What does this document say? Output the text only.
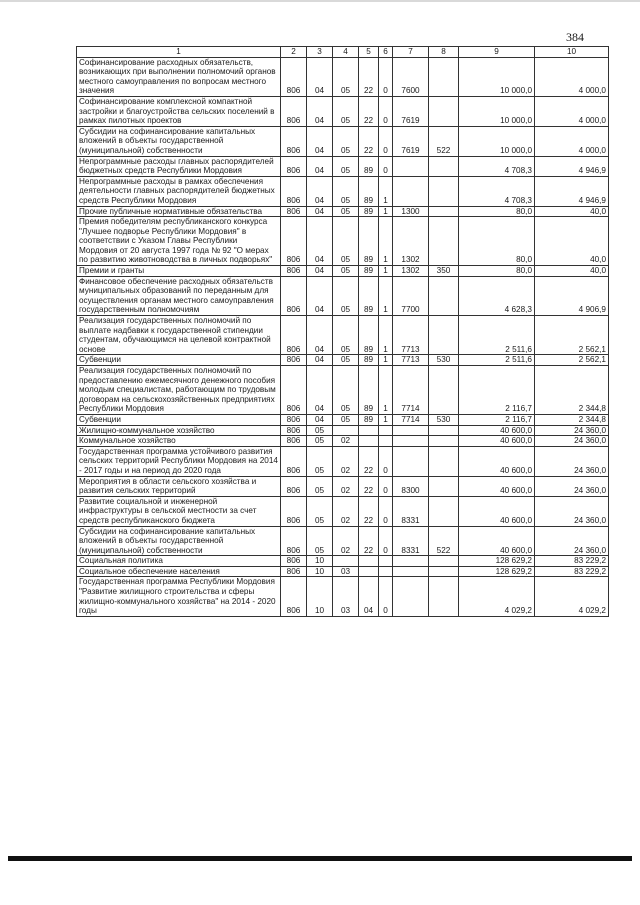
384
1	2	3	4	5	6	7	8	9	10
Софинансирование расходных обязательств, возникающих при выполнении полномочий органов местного самоуправления по вопросам местного значения	806	04	05	22	0	7600		10 000,0	4 000,0
Софинансирование комплексной компактной застройки и благоустройства сельских поселений в рамках пилотных проектов	806	04	05	22	0	7619		10 000,0	4 000,0
Субсидии на софинансирование капитальных вложений в объекты государственной (муниципальной) собственности	806	04	05	22	0	7619	522	10 000,0	4 000,0
Непрограммные расходы главных распорядителей бюджетных средств Республики Мордовия	806	04	05	89	0			4 708,3	4 946,9
Непрограммные расходы в рамках обеспечения деятельности главных распорядителей бюджетных средств Республики Мордовия	806	04	05	89	1			4 708,3	4 946,9
Прочие публичные нормативные обязательства	806	04	05	89	1	1300		80,0	40,0
Премия победителям республиканского конкурса "Лучшее подворье Республики Мордовия" в соответствии с Указом Главы Республики Мордовия от 20 августа 1997 года № 92 "О мерах по развитию животноводства в личных подворьях"	806	04	05	89	1	1302		80,0	40,0
Премии и гранты	806	04	05	89	1	1302	350	80,0	40,0
Финансовое обеспечение расходных обязательств муниципальных образований по переданным для осуществления органам местного самоуправления государственным полномочиям	806	04	05	89	1	7700		4 628,3	4 906,9
Реализация государственных полномочий по выплате надбавки к государственной стипендии студентам, обучающимся на целевой контрактной основе	806	04	05	89	1	7713		2 511,6	2 562,1
Субвенции	806	04	05	89	1	7713	530	2 511,6	2 562,1
Реализация государственных полномочий по предоставлению ежемесячного денежного пособия молодым специалистам, работающим по трудовым договорам на сельскохозяйственных предприятиях Республики Мордовия	806	04	05	89	1	7714		2 116,7	2 344,8
Субвенции	806	04	05	89	1	7714	530	2 116,7	2 344,8
Жилищно-коммунальное хозяйство	806	05						40 600,0	24 360,0
Коммунальное хозяйство	806	05	02					40 600,0	24 360,0
Государственная программа устойчивого развития сельских территорий Республики Мордовия на 2014 - 2017 годы и на период до 2020 года	806	05	02	22	0			40 600,0	24 360,0
Мероприятия в области сельского хозяйства и развития сельских территорий	806	05	02	22	0	8300		40 600,0	24 360,0
Развитие социальной и инженерной инфраструктуры в сельской местности за счет средств республиканского бюджета	806	05	02	22	0	8331		40 600,0	24 360,0
Субсидии на софинансирование капитальных вложений в объекты государственной (муниципальной) собственности	806	05	02	22	0	8331	522	40 600,0	24 360,0
Социальная политика	806	10						128 629,2	83 229,2
Социальное обеспечение населения	806	10	03					128 629,2	83 229,2
Государственная программа Республики Мордовия "Развитие жилищного строительства и сферы жилищно-коммунального хозяйства" на 2014 - 2020 годы	806	10	03	04	0			4 029,2	4 029,2
